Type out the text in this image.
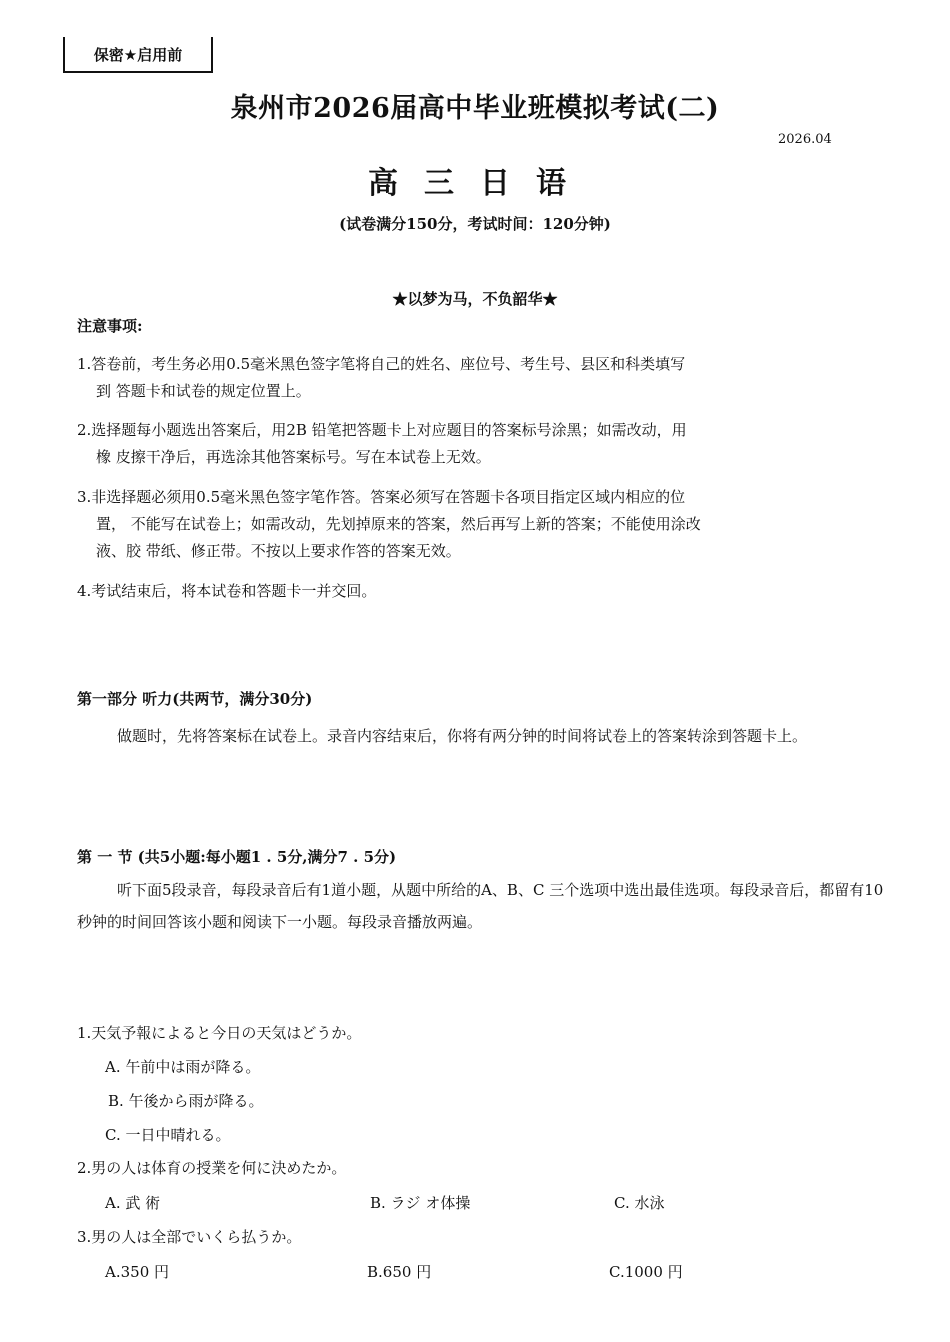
保密★启用前
泉州市2026届高中毕业班模拟考试(二)
2026.04
高三日语
(试卷满分150分，考试时间：120分钟)
★以梦为马，不负韶华★
注意事项:
1.答卷前，考生务必用0.5毫米黑色签字笔将自己的姓名、座位号、考生号、县区和科类填写
到 答题卡和试卷的规定位置上。
2.选择题每小题选出答案后，用2B 铅笔把答题卡上对应题目的答案标号涂黑；如需改动，用
橡 皮擦干净后，再选涂其他答案标号。写在本试卷上无效。
3.非选择题必须用0.5毫米黑色签字笔作答。答案必须写在答题卡各项目指定区域内相应的位
置， 不能写在试卷上；如需改动，先划掉原来的答案，然后再写上新的答案；不能使用涂改
液、胶 带纸、修正带。不按以上要求作答的答案无效。
4.考试结束后，将本试卷和答题卡一并交回。
第一部分 听力(共两节，满分30分)
做题时，先将答案标在试卷上。录音内容结束后，你将有两分钟的时间将试卷上的答案转涂到答题卡上。
第 一 节 (共5小题:每小题1 . 5分,满分7 . 5分)
听下面5段录音，每段录音后有1道小题，从题中所给的A、B、C 三个选项中选出最佳选项。每段录音后，都留有10秒钟的时间回答该小题和阅读下一小题。每段录音播放两遍。
1.天気予報によると今日の天気はどうか。
A. 午前中は雨が降る。
B. 午後から雨が降る。
C. 一日中晴れる。
2.男の人は体育の授業を何に決めたか。
A. 武 術	B. ラジ オ体操	C. 水泳
3.男の人は全部でいくら払うか。
A.350 円	B.650 円	C.1000 円
